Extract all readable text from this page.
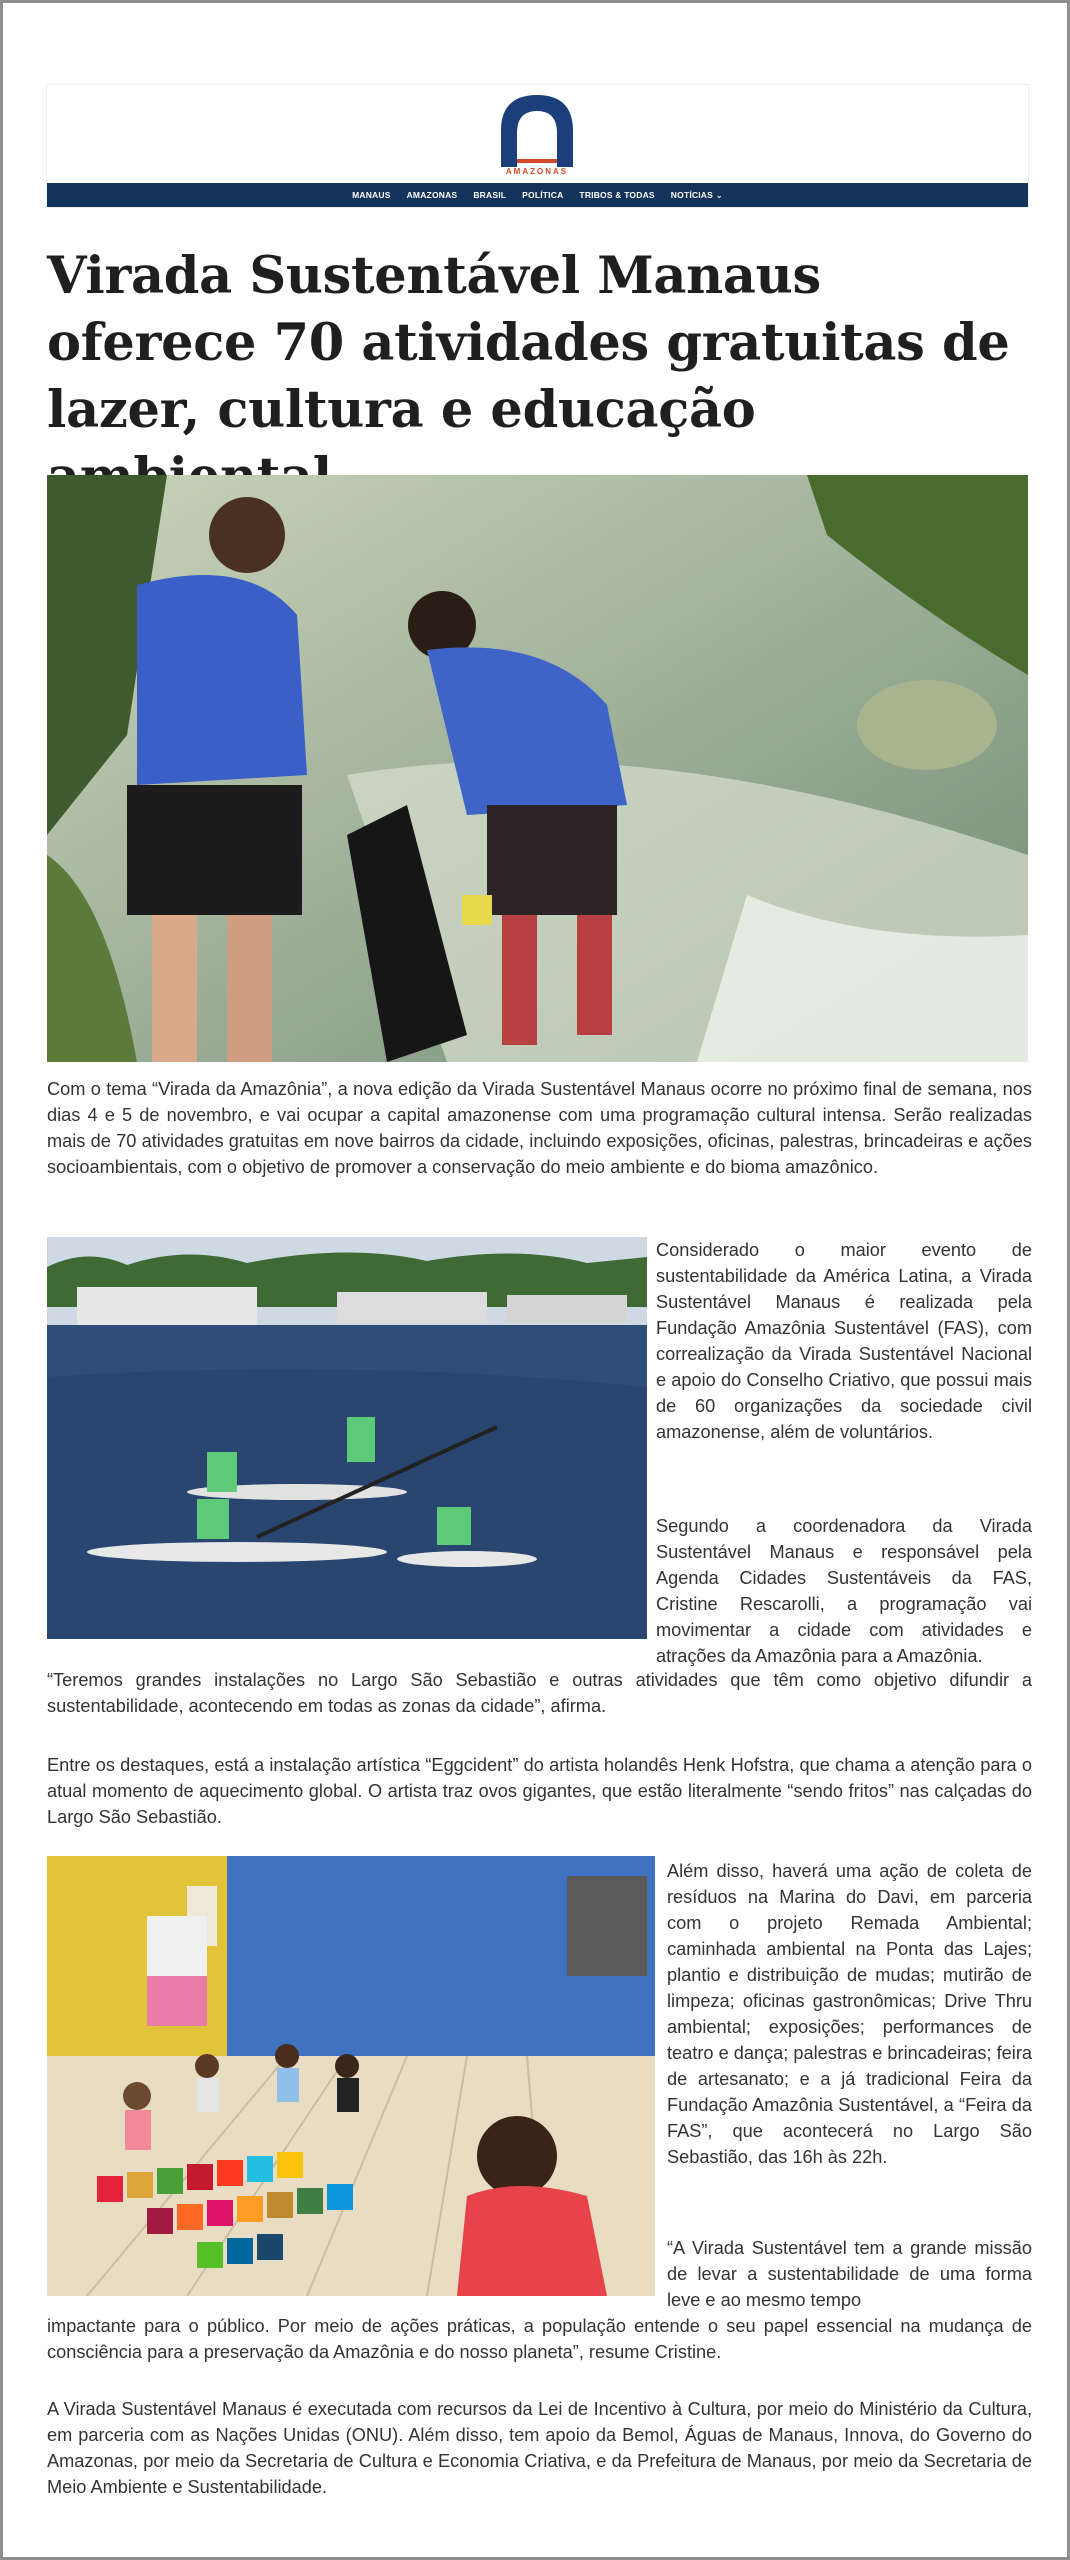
AMAZONAS
MANAUS AMAZONAS BRASIL POLÍTICA TRIBOS & TODAS NOTÍCIAS ⌄
Virada Sustentável Manaus oferece 70 atividades gratuitas de lazer, cultura e educação

Com o tema “Virada da Amazônia”, a nova edição da Virada Sustentável Manaus ocorre no próximo final de semana, nos dias 4 e 5 de novembro, e vai ocupar a capital amazonense com uma programação cultural intensa. Serão realizadas mais de 70 atividades gratuitas em nove bairros da cidade, incluindo exposições, oficinas, palestras, brincadeiras e ações socioambientais, com o objetivo de promover a conservação do meio ambiente e do bioma amazônico.

Considerado o maior evento de sustentabilidade da América Latina, a Virada Sustentável Manaus é realizada pela Fundação Amazônia Sustentável (FAS), com correalização da Virada Sustentável Nacional e apoio do Conselho Criativo, que possui mais de 60 organizações da sociedade civil amazonense, além de voluntários.

Segundo a coordenadora da Virada Sustentável Manaus e responsável pela Agenda Cidades Sustentáveis da FAS, Cristine Rescarolli, a programação vai movimentar a cidade com atividades e atrações da Amazônia para a Amazônia.

“Teremos grandes instalações no Largo São Sebastião e outras atividades que têm como objetivo difundir a sustentabilidade, acontecendo em todas as zonas da cidade”, afirma.

Entre os destaques, está a instalação artística “Eggcident” do artista holandês Henk Hofstra, que chama a atenção para o atual momento de aquecimento global. O artista traz ovos gigantes, que estão literalmente “sendo fritos” nas calçadas do Largo São Sebastião.

Além disso, haverá uma ação de coleta de resíduos na Marina do Davi, em parceria com o projeto Remada Ambiental; caminhada ambiental na Ponta das Lajes; plantio e distribuição de mudas; mutirão de limpeza; oficinas gastronômicas; Drive Thru ambiental; exposições; performances de teatro e dança; palestras e brincadeiras; feira de artesanato; e a já tradicional Feira da Fundação Amazônia Sustentável, a “Feira da FAS”, que acontecerá no Largo São Sebastião, das 16h às 22h.

“A Virada Sustentável tem a grande missão de levar a sustentabilidade de uma forma leve e ao mesmo tempo

impactante para o público. Por meio de ações práticas, a população entende o seu papel essencial na mudança de consciência para a preservação da Amazônia e do nosso planeta”, resume Cristine.

A Virada Sustentável Manaus é executada com recursos da Lei de Incentivo à Cultura, por meio do Ministério da Cultura, em parceria com as Nações Unidas (ONU). Além disso, tem apoio da Bemol, Águas de Manaus, Innova, do Governo do Amazonas, por meio da Secretaria de Cultura e Economia Criativa, e da Prefeitura de Manaus, por meio da Secretaria de Meio Ambiente e Sustentabilidade.
